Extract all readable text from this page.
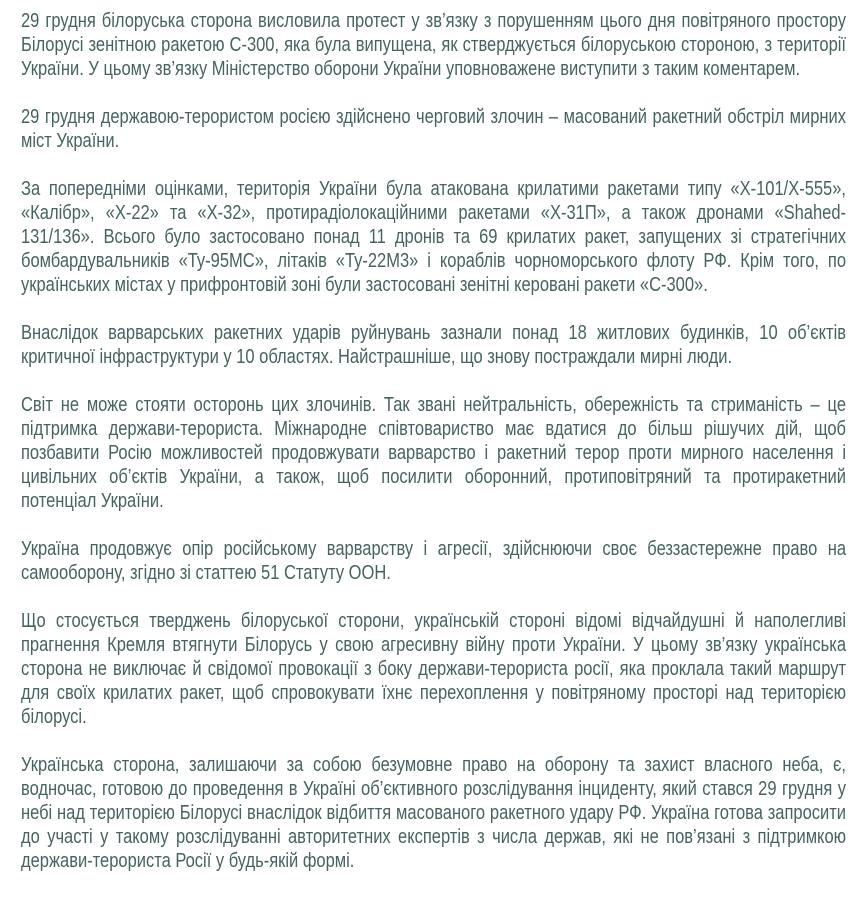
29 грудня білоруська сторона висловила протест у зв’язку з порушенням цього дня повітряного простору Білорусі зенітною ракетою С-300, яка була випущена, як стверджується білоруською стороною, з території України. У цьому зв’язку Міністерство оборони України уповноважене виступити з таким коментарем.

29 грудня державою-терористом росією здійснено черговий злочин – масований ракетний обстріл мирних міст України.

За попередніми оцінками, територія України була атакована крилатими ракетами типу «Х-101/Х-555», «Калібр», «Х-22» та «Х-32», протирадіолокаційними ракетами «Х-31П», а також дронами «Shahed-131/136». Всього було застосовано понад 11 дронів та 69 крилатих ракет, запущених зі стратегічних бомбардувальників «Ту-95МС», літаків «Ту-22М3» і кораблів чорноморського флоту РФ. Крім того, по українських містах у прифронтовій зоні були застосовані зенітні керовані ракети «С-300».

Внаслідок варварських ракетних ударів руйнувань зазнали понад 18 житлових будинків, 10 об’єктів критичної інфраструктури у 10 областях. Найстрашніше, що знову постраждали мирні люди.

Світ не може стояти осторонь цих злочинів. Так звані нейтральність, обережність та стриманість – це підтримка держави-терориста. Міжнародне співтовариство має вдатися до більш рішучих дій, щоб позбавити Росію можливостей продовжувати варварство і ракетний терор проти мирного населення і цивільних об’єктів України, а також, щоб посилити оборонний, протиповітряний та протиракетний потенціал України.

Україна продовжує опір російському варварству і агресії, здійснюючи своє беззастережне право на самооборону, згідно зі статтею 51 Статуту ООН.

Що стосується тверджень білоруської сторони, українській стороні відомі відчайдушні й наполегливі прагнення Кремля втягнути Білорусь у свою агресивну війну проти України. У цьому зв’язку українська сторона не виключає й свідомої провокації з боку держави-терориста росії, яка проклала такий маршрут для своїх крилатих ракет, щоб спровокувати їхнє перехоплення у повітряному просторі над територією білорусі.

Українська сторона, залишаючи за собою безумовне право на оборону та захист власного неба, є, водночас, готовою до проведення в Україні об’єктивного розслідування інциденту, який стався 29 грудня у небі над територією Білорусі внаслідок відбиття масованого ракетного удару РФ. Україна готова запросити до участі у такому розслідуванні авторитетних експертів з числа держав, які не пов’язані з підтримкою держави-терориста Росії у будь-якій формі.
